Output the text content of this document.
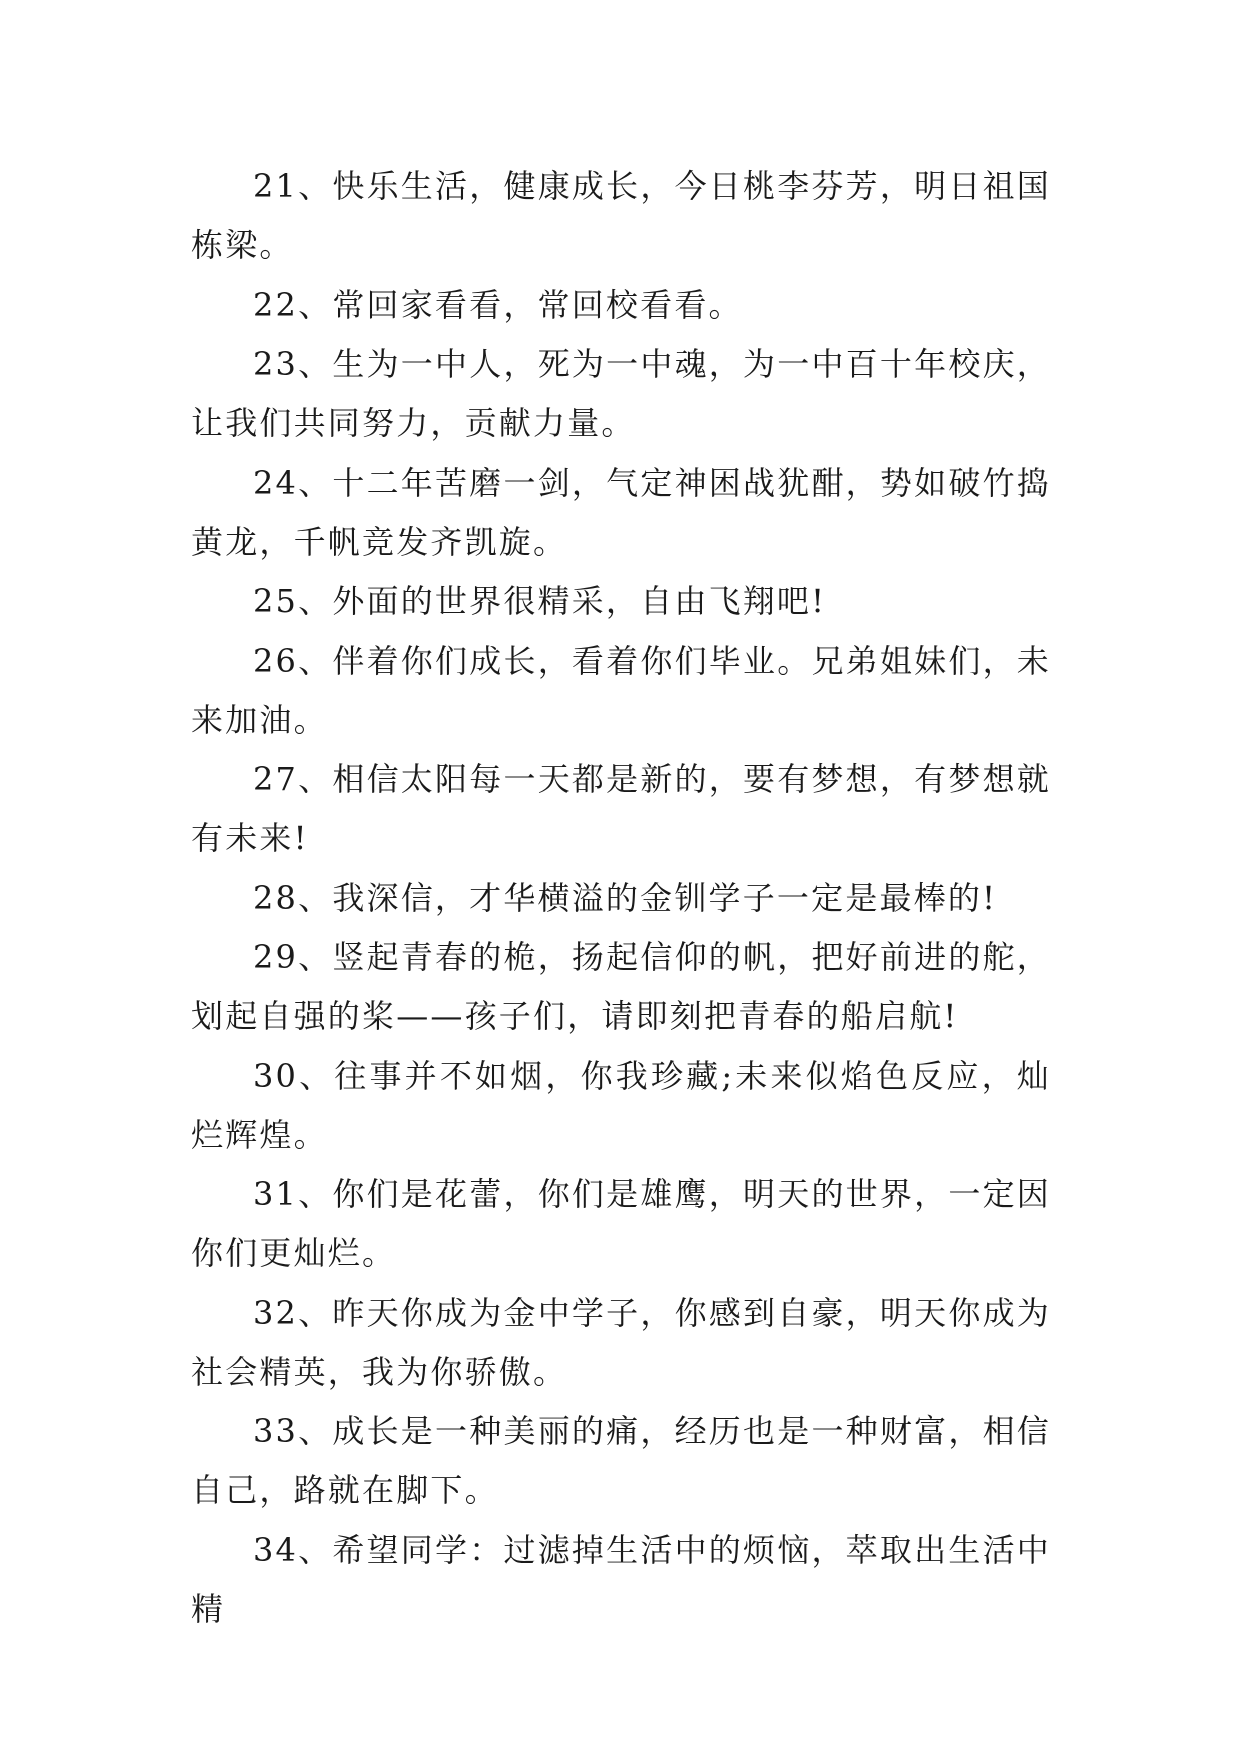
21、快乐生活，健康成长，今日桃李芬芳，明日祖国栋梁。

22、常回家看看，常回校看看。

23、生为一中人，死为一中魂，为一中百十年校庆，让我们共同努力，贡献力量。

24、十二年苦磨一剑，气定神困战犹酣，势如破竹捣黄龙，千帆竞发齐凯旋。

25、外面的世界很精采，自由飞翔吧!

26、伴着你们成长，看着你们毕业。兄弟姐妹们，未来加油。

27、相信太阳每一天都是新的，要有梦想，有梦想就有未来!

28、我深信，才华横溢的金钏学子一定是最棒的!

29、竖起青春的桅，扬起信仰的帆，把好前进的舵，划起自强的桨——孩子们，请即刻把青春的船启航!

30、往事并不如烟，你我珍藏;未来似焰色反应，灿烂辉煌。

31、你们是花蕾，你们是雄鹰，明天的世界，一定因你们更灿烂。

32、昨天你成为金中学子，你感到自豪，明天你成为社会精英，我为你骄傲。

33、成长是一种美丽的痛，经历也是一种财富，相信自己，路就在脚下。

34、希望同学：过滤掉生活中的烦恼，萃取出生活中精
